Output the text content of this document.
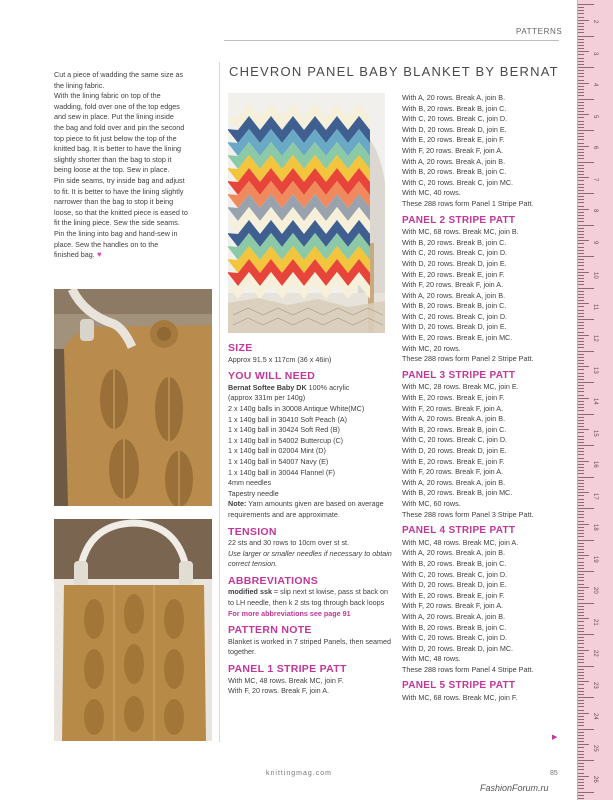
PATTERNS
2
3
4
5
6
7
8
9
10
11
12
13
14
15
16
17
18
19
20
21
22
23
24
25
26

Cut a piece of wadding the same size as

the lining fabric.

With the lining fabric on top of the

wadding, fold over one of the top edges

and sew in place. Put the lining inside

the bag and fold over and pin the second

top piece to fit just below the top of the

knitted bag. It is better to have the lining

slightly shorter than the bag to stop it

being loose at the top. Sew in place.

Pin side seams, try inside bag and adjust

to fit. It is better to have the lining slightly

narrower than the bag to stop it being

loose, so that the knitted piece is eased to

fit the lining piece. Sew the side seams.

Pin the lining into bag and hand-sew in

place. Sew the handles on to the

finished bag. ♥

CHEVRON PANEL BABY BLANKET BY BERNAT
SIZE

Approx 91.5 x 117cm (36 x 46in)

YOU WILL NEED

Bernat Softee Baby DK 100% acrylic

(approx 331m per 140g)

2 x 140g balls in 30008 Antique White(MC)

1 x 140g ball in 30410 Soft Peach (A)

1 x 140g ball in 30424 Soft Red (B)

1 x 140g ball in 54002 Buttercup (C)

1 x 140g ball in 02004 Mint (D)

1 x 140g ball in 54007 Navy (E)

1 x 140g ball in 30044 Flannel (F)

4mm needles

Tapestry needle

Note: Yarn amounts given are based on average requirements and are approximate.

TENSION

22 sts and 30 rows to 10cm over st st.

Use larger or smaller needles if necessary to obtain correct tension.

ABBREVIATIONS

modified ssk = slip next st kwise, pass st back on to LH needle, then k 2 sts tog through back loops

For more abbreviations see page 91

PATTERN NOTE

Blanket is worked in 7 striped Panels, then seamed together.

PANEL 1 STRIPE PATT

With MC, 48 rows. Break MC, join F.

With F, 20 rows. Break F, join A.

With A, 20 rows. Break A, join B.

With B, 20 rows. Break B, join C.

With C, 20 rows. Break C, join D.

With D, 20 rows. Break D, join E.

With E, 20 rows. Break E, join F.

With F, 20 rows. Break F, join A.

With A, 20 rows. Break A, join B.

With B, 20 rows. Break B, join C.

With C, 20 rows. Break C, join MC.

With MC, 40 rows.

These 288 rows form Panel 1 Stripe Patt.

PANEL 2 STRIPE PATT

With MC, 68 rows. Break MC, join B.

With B, 20 rows. Break B, join C.

With C, 20 rows. Break C, join D.

With D, 20 rows. Break D, join E.

With E, 20 rows. Break E, join F.

With F, 20 rows. Break F, join A.

With A, 20 rows. Break A, join B.

With B, 20 rows. Break B, join C.

With C, 20 rows. Break C, join D.

With D, 20 rows. Break D, join E.

With E, 20 rows. Break E, join MC.

With MC, 20 rows.

These 288 rows form Panel 2 Stripe Patt.

PANEL 3 STRIPE PATT

With MC, 28 rows. Break MC, join E.

With E, 20 rows. Break E, join F.

With F, 20 rows. Break F, join A.

With A, 20 rows. Break A, join B.

With B, 20 rows. Break B, join C.

With C, 20 rows. Break C, join D.

With D, 20 rows. Break D, join E.

With E, 20 rows. Break E, join F.

With F, 20 rows. Break F, join A.

With A, 20 rows. Break A, join B.

With B, 20 rows. Break B, join MC.

With MC, 60 rows.

These 288 rows form Panel 3 Stripe Patt.

PANEL 4 STRIPE PATT

With MC, 48 rows. Break MC, join A.

With A, 20 rows. Break A, join B.

With B, 20 rows. Break B, join C.

With C, 20 rows. Break C, join D.

With D, 20 rows. Break D, join E.

With E, 20 rows. Break E, join F.

With F, 20 rows. Break F, join A.

With A, 20 rows. Break A, join B.

With B, 20 rows. Break B, join C.

With C, 20 rows. Break C, join D.

With D, 20 rows. Break D, join MC.

With MC, 48 rows.

These 288 rows form Panel 4 Stripe Patt.

PANEL 5 STRIPE PATT

With MC, 68 rows. Break MC, join F.

▶
knittingmag.com	85
FashionForum.ru
